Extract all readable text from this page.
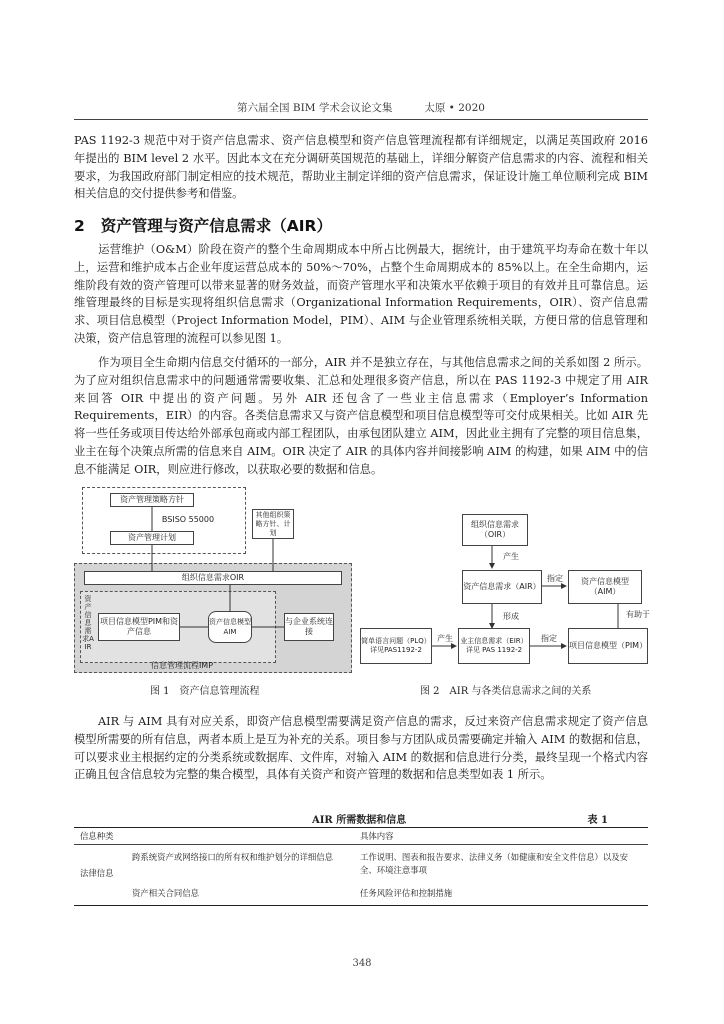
第六届全国 BIM 学术会议论文集	太原 • 2020
PAS 1192-3 规范中对于资产信息需求、资产信息模型和资产信息管理流程都有详细规定，以满足英国政府 2016 年提出的 BIM level 2 水平。因此本文在充分调研英国规范的基础上，详细分解资产信息需求的内容、流程和相关要求，为我国政府部门制定相应的技术规范，帮助业主制定详细的资产信息需求，保证设计施工单位顺利完成 BIM 相关信息的交付提供参考和借鉴。
2 资产管理与资产信息需求（AIR）
运营维护（O&M）阶段在资产的整个生命周期成本中所占比例最大，据统计，由于建筑平均寿命在数十年以上，运营和维护成本占企业年度运营总成本的 50%～70%，占整个生命周期成本的 85%以上。在全生命期内，运维阶段有效的资产管理可以带来显著的财务效益，而资产管理水平和决策水平依赖于项目的有效并且可靠信息。运维管理最终的目标是实现将组织信息需求（Organizational Information Requirements，OIR）、资产信息需求、项目信息模型（Project Information Model，PIM）、AIM 与企业管理系统相关联，方便日常的信息管理和决策，资产信息管理的流程可以参见图 1。
作为项目全生命期内信息交付循环的一部分，AIR 并不是独立存在，与其他信息需求之间的关系如图 2 所示。为了应对组织信息需求中的问题通常需要收集、汇总和处理很多资产信息，所以在 PAS 1192-3 中规定了用 AIR 来回答 OIR 中提出的资产问题。另外 AIR 还包含了一些业主信息需求（Employer’s Information Requirements，EIR）的内容。各类信息需求又与资产信息模型和项目信息模型等可交付成果相关。比如 AIR 先将一些任务或项目传达给外部承包商或内部工程团队，由承包团队建立 AIM，因此业主拥有了完整的项目信息集，业主在每个决策点所需的信息来自 AIM。OIR 决定了 AIR 的具体内容并间接影响 AIM 的构建，如果 AIM 中的信息不能满足 OIR，则应进行修改，以获取必要的数据和信息。
资产管理策略方针
BSISO 55000
资产管理计划
其他组织策略方针、计划
组织信息需求OIR
资产信息需求AIR
项目信息模型PIM和资产信息
资产信息模型AIM
与企业系统连接
信息管理流程IMP
图 1　资产信息管理流程
组织信息需求（OIR）
产生
资产信息需求（AIR）
指定	资产信息模型（AIM）
有助于
形成
简单语言问题（PLQ）详见PAS1192-2
产生	业主信息需求（EIR）详见 PAS 1192-2
指定
项目信息模型（PIM）
图 2　AIR 与各类信息需求之间的关系
AIR 与 AIM 具有对应关系，即资产信息模型需要满足资产信息的需求，反过来资产信息需求规定了资产信息模型所需要的所有信息，两者本质上是互为补充的关系。项目参与方团队成员需要确定并输入 AIM 的数据和信息，可以要求业主根据约定的分类系统或数据库、文件库，对输入 AIM 的数据和信息进行分类，最终呈现一个格式内容正确且包含信息较为完整的集合模型，具体有关资产和资产管理的数据和信息类型如表 1 所示。
AIR 所需数据和信息	表 1
信息种类	具体内容
法律信息
跨系统资产或网络接口的所有权和维护划分的详细信息	工作说明、图表和报告要求、法律义务（如健康和安全文件信息）以及安全、环境注意事项
资产相关合同信息	任务风险评估和控制措施
348
